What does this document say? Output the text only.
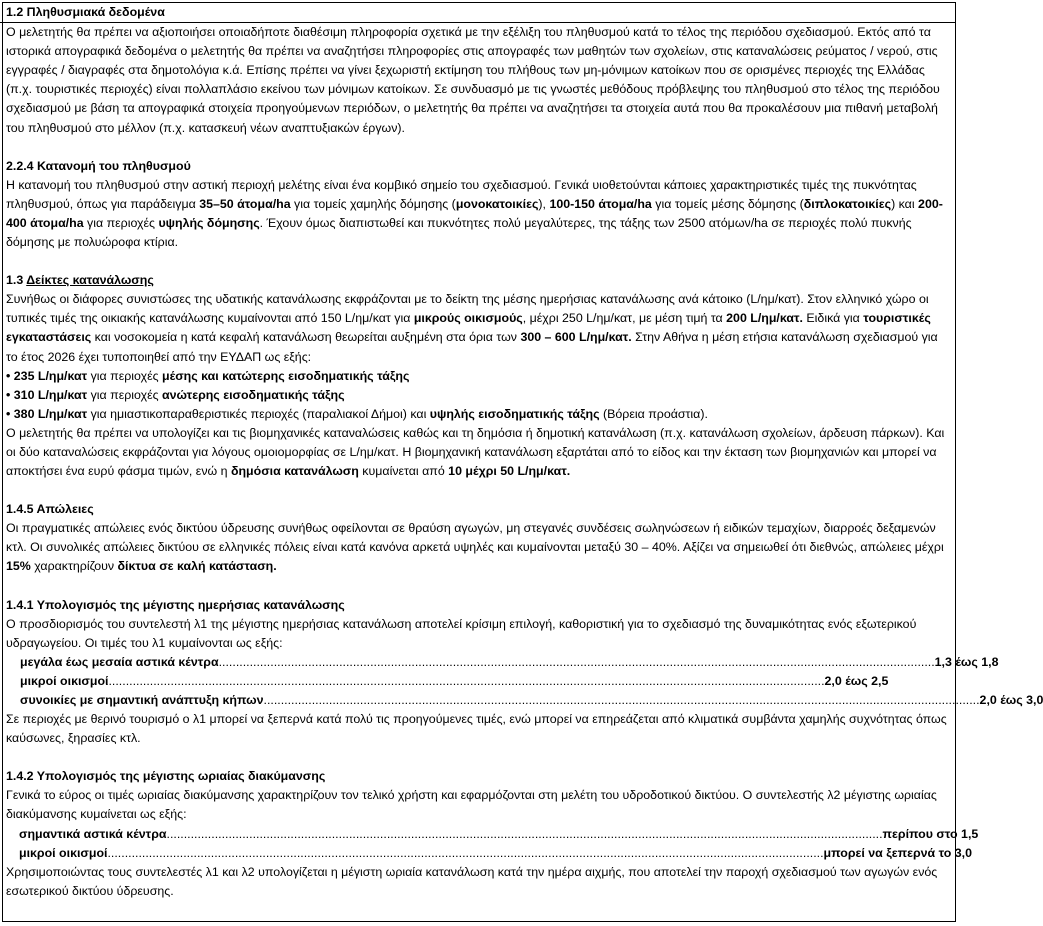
1.2 Πληθυσμιακά δεδομένα
Ο μελετητής θα πρέπει να αξιοποιήσει οποιαδήποτε διαθέσιμη πληροφορία σχετικά με την εξέλιξη του πληθυσμού κατά το τέλος της περιόδου σχεδιασμού. Εκτός από τα ιστορικά απογραφικά δεδομένα ο μελετητής θα πρέπει να αναζητήσει πληροφορίες στις απογραφές των μαθητών των σχολείων, στις καταναλώσεις ρεύματος / νερού, στις εγγραφές / διαγραφές στα δημοτολόγια κ.ά. Επίσης πρέπει να γίνει ξεχωριστή εκτίμηση του πλήθους των μη-μόνιμων κατοίκων που σε ορισμένες περιοχές της Ελλάδας (π.χ. τουριστικές περιοχές) είναι πολλαπλάσιο εκείνου των μόνιμων κατοίκων. Σε συνδυασμό με τις γνωστές μεθόδους πρόβλεψης του πληθυσμού στο τέλος της περιόδου σχεδιασμού με βάση τα απογραφικά στοιχεία προηγούμενων περιόδων, ο μελετητής θα πρέπει να αναζητήσει τα στοιχεία αυτά που θα προκαλέσουν μια πιθανή μεταβολή του πληθυσμού στο μέλλον (π.χ. κατασκευή νέων αναπτυξιακών έργων).
2.2.4 Κατανομή του πληθυσμού
Η κατανομή του πληθυσμού στην αστική περιοχή μελέτης είναι ένα κομβικό σημείο του σχεδιασμού. Γενικά υιοθετούνται κάποιες χαρακτηριστικές τιμές της πυκνότητας πληθυσμού, όπως για παράδειγμα 35–50 άτομα/ha για τομείς χαμηλής δόμησης (μονοκατοικίες), 100-150 άτομα/ha για τομείς μέσης δόμησης (διπλοκατοικίες) και 200-400 άτομα/ha για περιοχές υψηλής δόμησης. Έχουν όμως διαπιστωθεί και πυκνότητες πολύ μεγαλύτερες, της τάξης των 2500 ατόμων/ha σε περιοχές πολύ πυκνής δόμησης με πολυώροφα κτίρια.
1.3 Δείκτες κατανάλωσης
Συνήθως οι διάφορες συνιστώσες της υδατικής κατανάλωσης εκφράζονται με το δείκτη της μέσης ημερήσιας κατανάλωσης ανά κάτοικο (L/ημ/κατ). Στον ελληνικό χώρο οι τυπικές τιμές της οικιακής κατανάλωσης κυμαίνονται από 150 L/ημ/κατ για μικρούς οικισμούς, μέχρι 250 L/ημ/κατ, με μέση τιμή τα 200 L/ημ/κατ. Ειδικά για τουριστικές εγκαταστάσεις και νοσοκομεία η κατά κεφαλή κατανάλωση θεωρείται αυξημένη στα όρια των 300 – 600 L/ημ/κατ. Στην Αθήνα η μέση ετήσια κατανάλωση σχεδιασμού για το έτος 2026 έχει τυποποιηθεί από την ΕΥΔΑΠ ως εξής:
• 235 L/ημ/κατ για περιοχές μέσης και κατώτερης εισοδηματικής τάξης
• 310 L/ημ/κατ για περιοχές ανώτερης εισοδηματικής τάξης
• 380 L/ημ/κατ για ημιαστικοπαραθεριστικές περιοχές (παραλιακοί Δήμοι) και υψηλής εισοδηματικής τάξης (Βόρεια προάστια).
Ο μελετητής θα πρέπει να υπολογίζει και τις βιομηχανικές καταναλώσεις καθώς και τη δημόσια ή δημοτική κατανάλωση (π.χ. κατανάλωση σχολείων, άρδευση πάρκων). Και οι δύο καταναλώσεις εκφράζονται για λόγους ομοιομορφίας σε L/ημ/κατ. Η βιομηχανική κατανάλωση εξαρτάται από το είδος και την έκταση των βιομηχανιών και μπορεί να αποκτήσει ένα ευρύ φάσμα τιμών, ενώ η δημόσια κατανάλωση κυμαίνεται από 10 μέχρι 50 L/ημ/κατ.
1.4.5 Απώλειες
Οι πραγματικές απώλειες ενός δικτύου ύδρευσης συνήθως οφείλονται σε θραύση αγωγών, μη στεγανές συνδέσεις σωληνώσεων ή ειδικών τεμαχίων, διαρροές δεξαμενών κτλ. Οι συνολικές απώλειες δικτύου σε ελληνικές πόλεις είναι κατά κανόνα αρκετά υψηλές και κυμαίνονται μεταξύ 30 – 40%. Αξίζει να σημειωθεί ότι διεθνώς, απώλειες μέχρι 15% χαρακτηρίζουν δίκτυα σε καλή κατάσταση.
1.4.1 Υπολογισμός της μέγιστης ημερήσιας κατανάλωσης
Ο προσδιορισμός του συντελεστή λ1 της μέγιστης ημερήσιας κατανάλωση αποτελεί κρίσιμη επιλογή, καθοριστική για το σχεδιασμό της δυναμικότητας ενός εξωτερικού υδραγωγείου. Οι τιμές του λ1 κυμαίνονται ως εξής:
μεγάλα έως μεσαία αστικά κέντρα ................................................................................................................................................................................................................ 1,3 έως 1,8
μικροί οικισμοί ................................................................................................................................................................................................................ 2,0 έως 2,5
συνοικίες με σημαντική ανάπτυξη κήπων ................................................................................................................................................................................................................ 2,0 έως 3,0
Σε περιοχές με θερινό τουρισμό ο λ1 μπορεί να ξεπερνά κατά πολύ τις προηγούμενες τιμές, ενώ μπορεί να επηρεάζεται από κλιματικά συμβάντα χαμηλής συχνότητας όπως καύσωνες, ξηρασίες κτλ.
1.4.2 Υπολογισμός της μέγιστης ωριαίας διακύμανσης
Γενικά το εύρος οι τιμές ωριαίας διακύμανσης χαρακτηρίζουν τον τελικό χρήστη και εφαρμόζονται στη μελέτη του υδροδοτικού δικτύου. Ο συντελεστής λ2 μέγιστης ωριαίας διακύμανσης κυμαίνεται ως εξής:
σημαντικά αστικά κέντρα ................................................................................................................................................................................................................ περίπου στο 1,5
μικροί οικισμοί ................................................................................................................................................................................................................ μπορεί να ξεπερνά το 3,0
Χρησιμοποιώντας τους συντελεστές λ1 και λ2 υπολογίζεται η μέγιστη ωριαία κατανάλωση κατά την ημέρα αιχμής, που αποτελεί την παροχή σχεδιασμού των αγωγών ενός εσωτερικού δικτύου ύδρευσης.
